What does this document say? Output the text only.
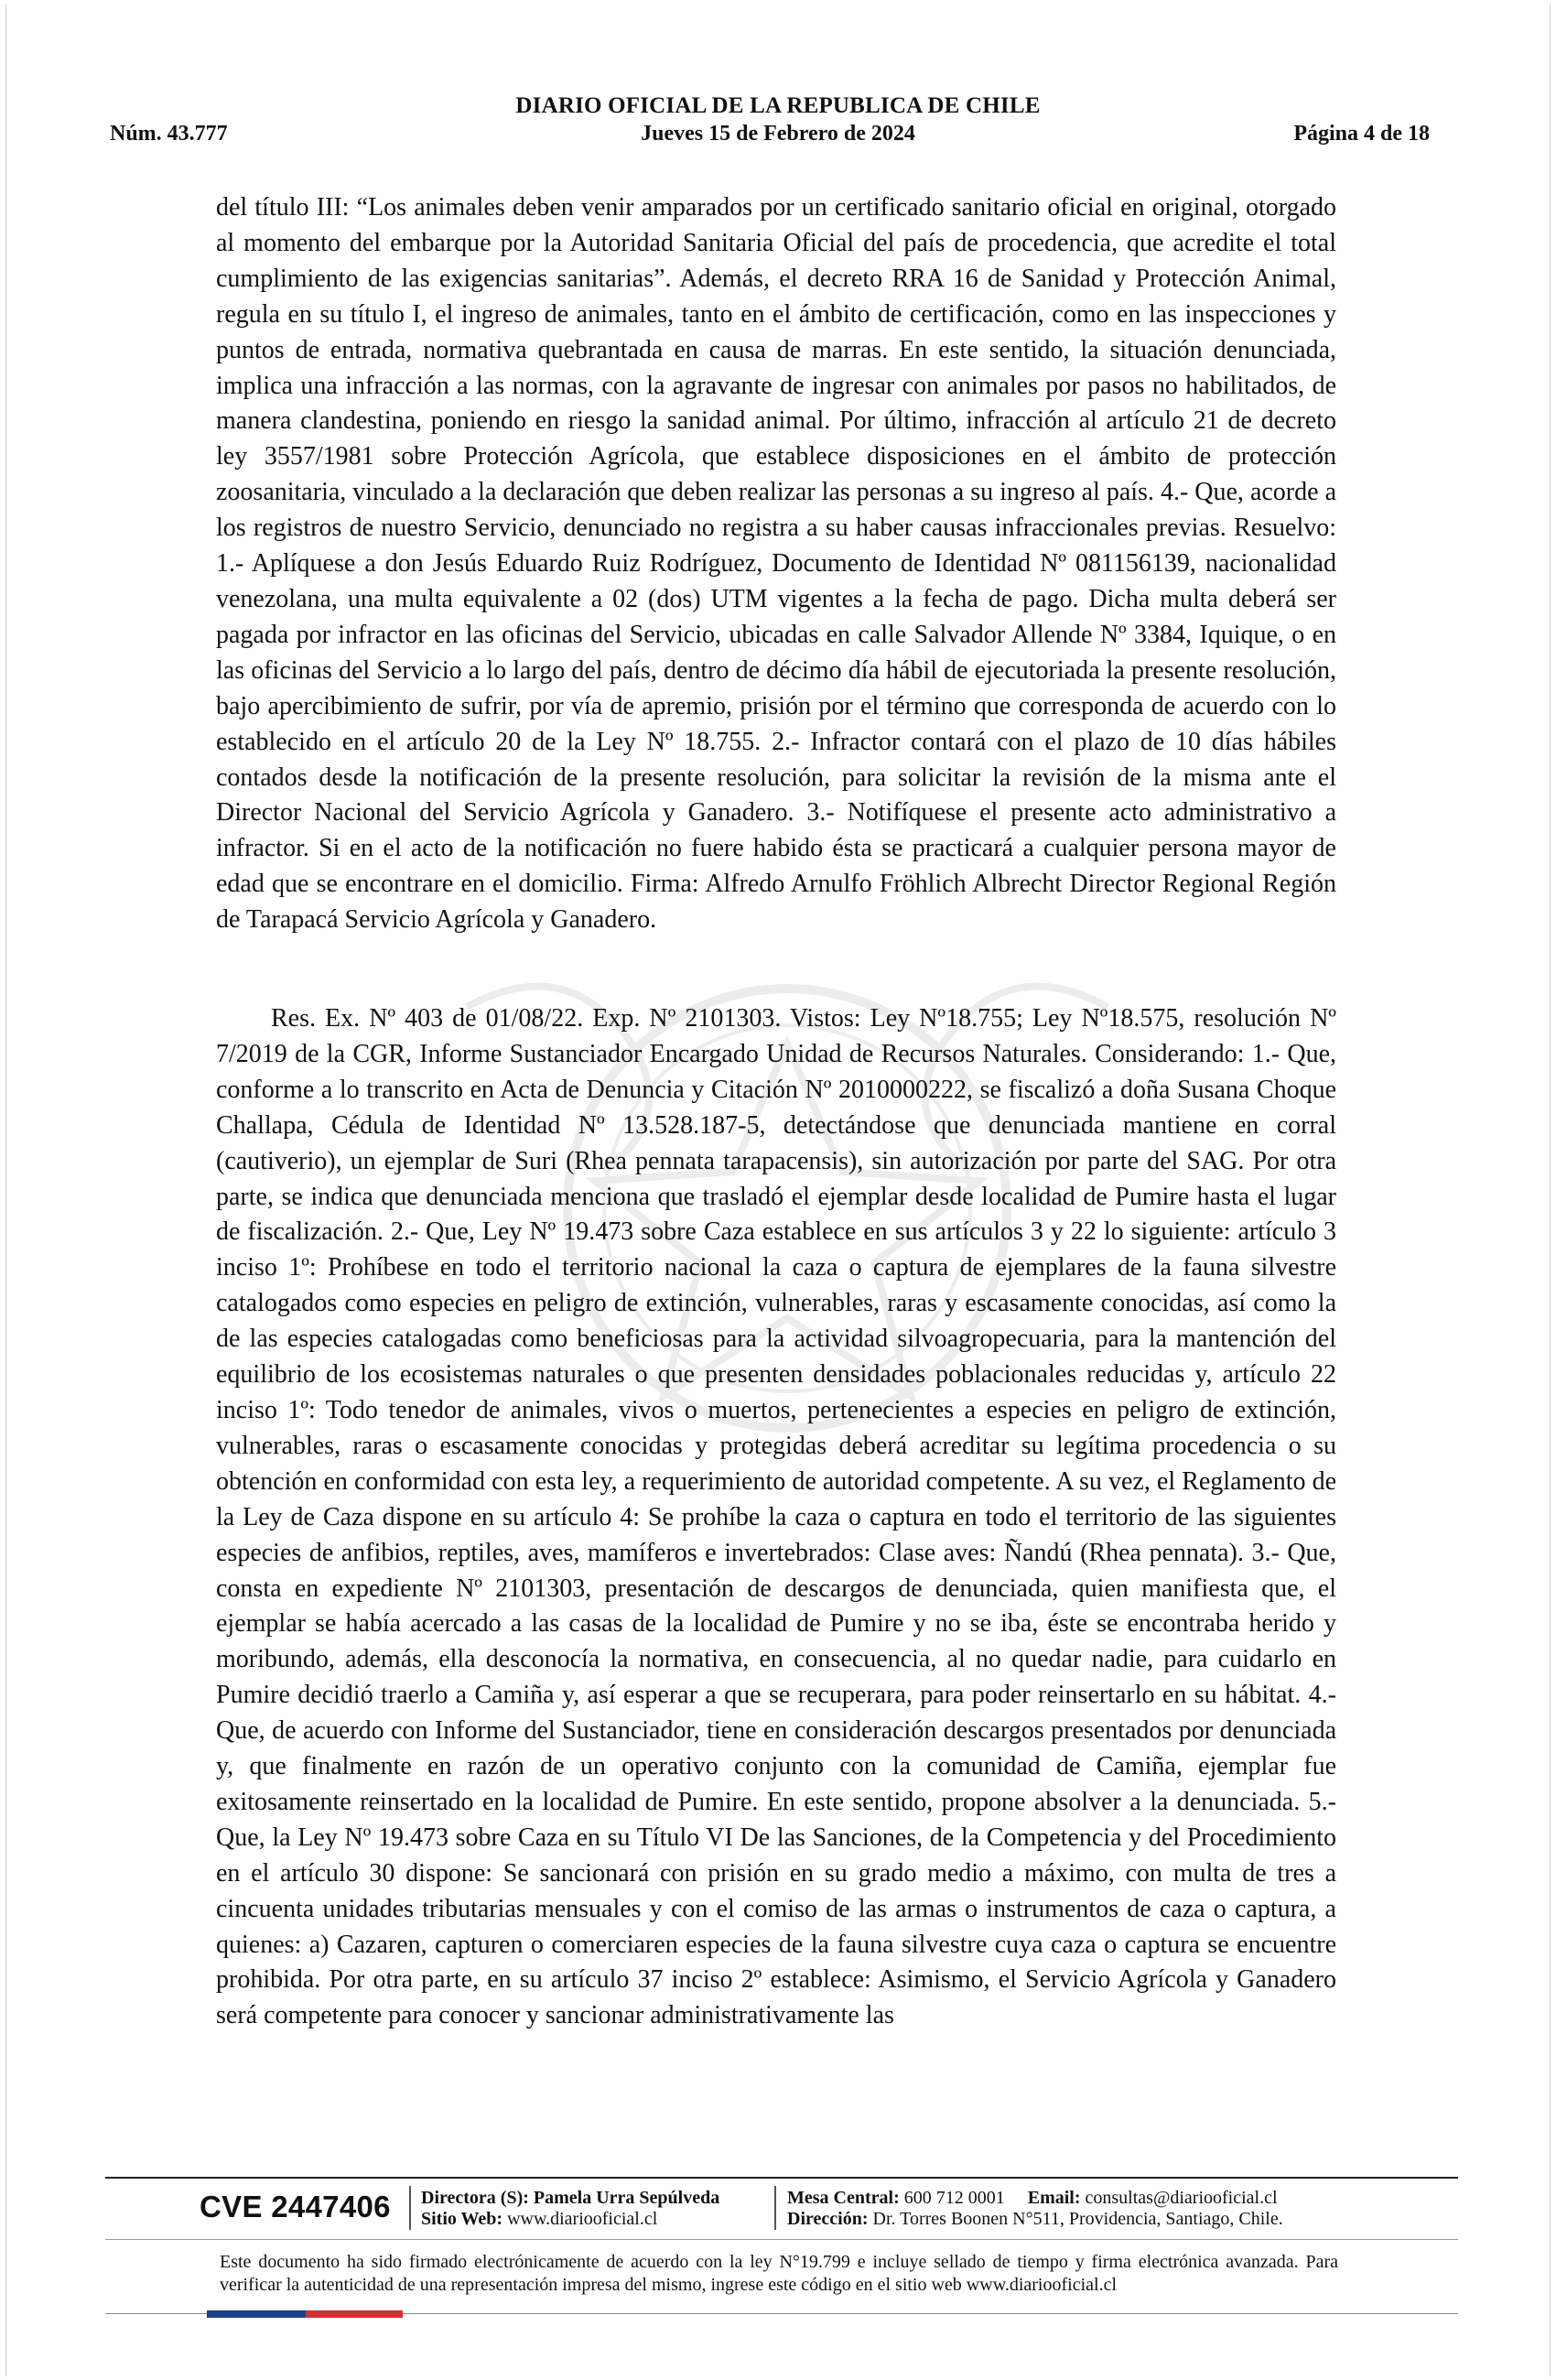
DIARIO OFICIAL DE LA REPUBLICA DE CHILE
Núm. 43.777	Jueves 15 de Febrero de 2024	Página 4 de 18

del título III: “Los animales deben venir amparados por un certificado sanitario oficial en original, otorgado al momento del embarque por la Autoridad Sanitaria Oficial del país de procedencia, que acredite el total cumplimiento de las exigencias sanitarias”. Además, el decreto RRA 16 de Sanidad y Protección Animal, regula en su título I, el ingreso de animales, tanto en el ámbito de certificación, como en las inspecciones y puntos de entrada, normativa quebrantada en causa de marras. En este sentido, la situación denunciada, implica una infracción a las normas, con la agravante de ingresar con animales por pasos no habilitados, de manera clandestina, poniendo en riesgo la sanidad animal. Por último, infracción al artículo 21 de decreto ley 3557/1981 sobre Protección Agrícola, que establece disposiciones en el ámbito de protección zoosanitaria, vinculado a la declaración que deben realizar las personas a su ingreso al país. 4.- Que, acorde a los registros de nuestro Servicio, denunciado no registra a su haber causas infraccionales previas. Resuelvo: 1.- Aplíquese a don Jesús Eduardo Ruiz Rodríguez, Documento de Identidad Nº 081156139, nacionalidad venezolana, una multa equivalente a 02 (dos) UTM vigentes a la fecha de pago. Dicha multa deberá ser pagada por infractor en las oficinas del Servicio, ubicadas en calle Salvador Allende Nº 3384, Iquique, o en las oficinas del Servicio a lo largo del país, dentro de décimo día hábil de ejecutoriada la presente resolución, bajo apercibimiento de sufrir, por vía de apremio, prisión por el término que corresponda de acuerdo con lo establecido en el artículo 20 de la Ley Nº 18.755. 2.- Infractor contará con el plazo de 10 días hábiles contados desde la notificación de la presente resolución, para solicitar la revisión de la misma ante el Director Nacional del Servicio Agrícola y Ganadero. 3.- Notifíquese el presente acto administrativo a infractor. Si en el acto de la notificación no fuere habido ésta se practicará a cualquier persona mayor de edad que se encontrare en el domicilio. Firma: Alfredo Arnulfo Fröhlich Albrecht Director Regional Región de Tarapacá Servicio Agrícola y Ganadero.

Res. Ex. Nº 403 de 01/08/22. Exp. Nº 2101303. Vistos: Ley Nº18.755; Ley Nº18.575, resolución Nº 7/2019 de la CGR, Informe Sustanciador Encargado Unidad de Recursos Naturales. Considerando: 1.- Que, conforme a lo transcrito en Acta de Denuncia y Citación Nº 2010000222, se fiscalizó a doña Susana Choque Challapa, Cédula de Identidad Nº 13.528.187-5, detectándose que denunciada mantiene en corral (cautiverio), un ejemplar de Suri (Rhea pennata tarapacensis), sin autorización por parte del SAG. Por otra parte, se indica que denunciada menciona que trasladó el ejemplar desde localidad de Pumire hasta el lugar de fiscalización. 2.- Que, Ley Nº 19.473 sobre Caza establece en sus artículos 3 y 22 lo siguiente: artículo 3 inciso 1º: Prohíbese en todo el territorio nacional la caza o captura de ejemplares de la fauna silvestre catalogados como especies en peligro de extinción, vulnerables, raras y escasamente conocidas, así como la de las especies catalogadas como beneficiosas para la actividad silvoagropecuaria, para la mantención del equilibrio de los ecosistemas naturales o que presenten densidades poblacionales reducidas y, artículo 22 inciso 1º: Todo tenedor de animales, vivos o muertos, pertenecientes a especies en peligro de extinción, vulnerables, raras o escasamente conocidas y protegidas deberá acreditar su legítima procedencia o su obtención en conformidad con esta ley, a requerimiento de autoridad competente. A su vez, el Reglamento de la Ley de Caza dispone en su artículo 4: Se prohíbe la caza o captura en todo el territorio de las siguientes especies de anfibios, reptiles, aves, mamíferos e invertebrados: Clase aves: Ñandú (Rhea pennata). 3.- Que, consta en expediente Nº 2101303, presentación de descargos de denunciada, quien manifiesta que, el ejemplar se había acercado a las casas de la localidad de Pumire y no se iba, éste se encontraba herido y moribundo, además, ella desconocía la normativa, en consecuencia, al no quedar nadie, para cuidarlo en Pumire decidió traerlo a Camiña y, así esperar a que se recuperara, para poder reinsertarlo en su hábitat. 4.- Que, de acuerdo con Informe del Sustanciador, tiene en consideración descargos presentados por denunciada y, que finalmente en razón de un operativo conjunto con la comunidad de Camiña, ejemplar fue exitosamente reinsertado en la localidad de Pumire. En este sentido, propone absolver a la denunciada. 5.- Que, la Ley Nº 19.473 sobre Caza en su Título VI De las Sanciones, de la Competencia y del Procedimiento en el artículo 30 dispone: Se sancionará con prisión en su grado medio a máximo, con multa de tres a cincuenta unidades tributarias mensuales y con el comiso de las armas o instrumentos de caza o captura, a quienes: a) Cazaren, capturen o comerciaren especies de la fauna silvestre cuya caza o captura se encuentre prohibida. Por otra parte, en su artículo 37 inciso 2º establece: Asimismo, el Servicio Agrícola y Ganadero será competente para conocer y sancionar administrativamente las

CVE 2447406	Directora (S): Pamela Urra Sepúlveda
Sitio Web: www.diariooficial.cl
Mesa Central: 600 712 0001 Email: consultas@diariooficial.cl
Dirección: Dr. Torres Boonen N°511, Providencia, Santiago, Chile.
Este documento ha sido firmado electrónicamente de acuerdo con la ley N°19.799 e incluye sellado de tiempo y firma electrónica avanzada. Para verificar la autenticidad de una representación impresa del mismo, ingrese este código en el sitio web www.diariooficial.cl
